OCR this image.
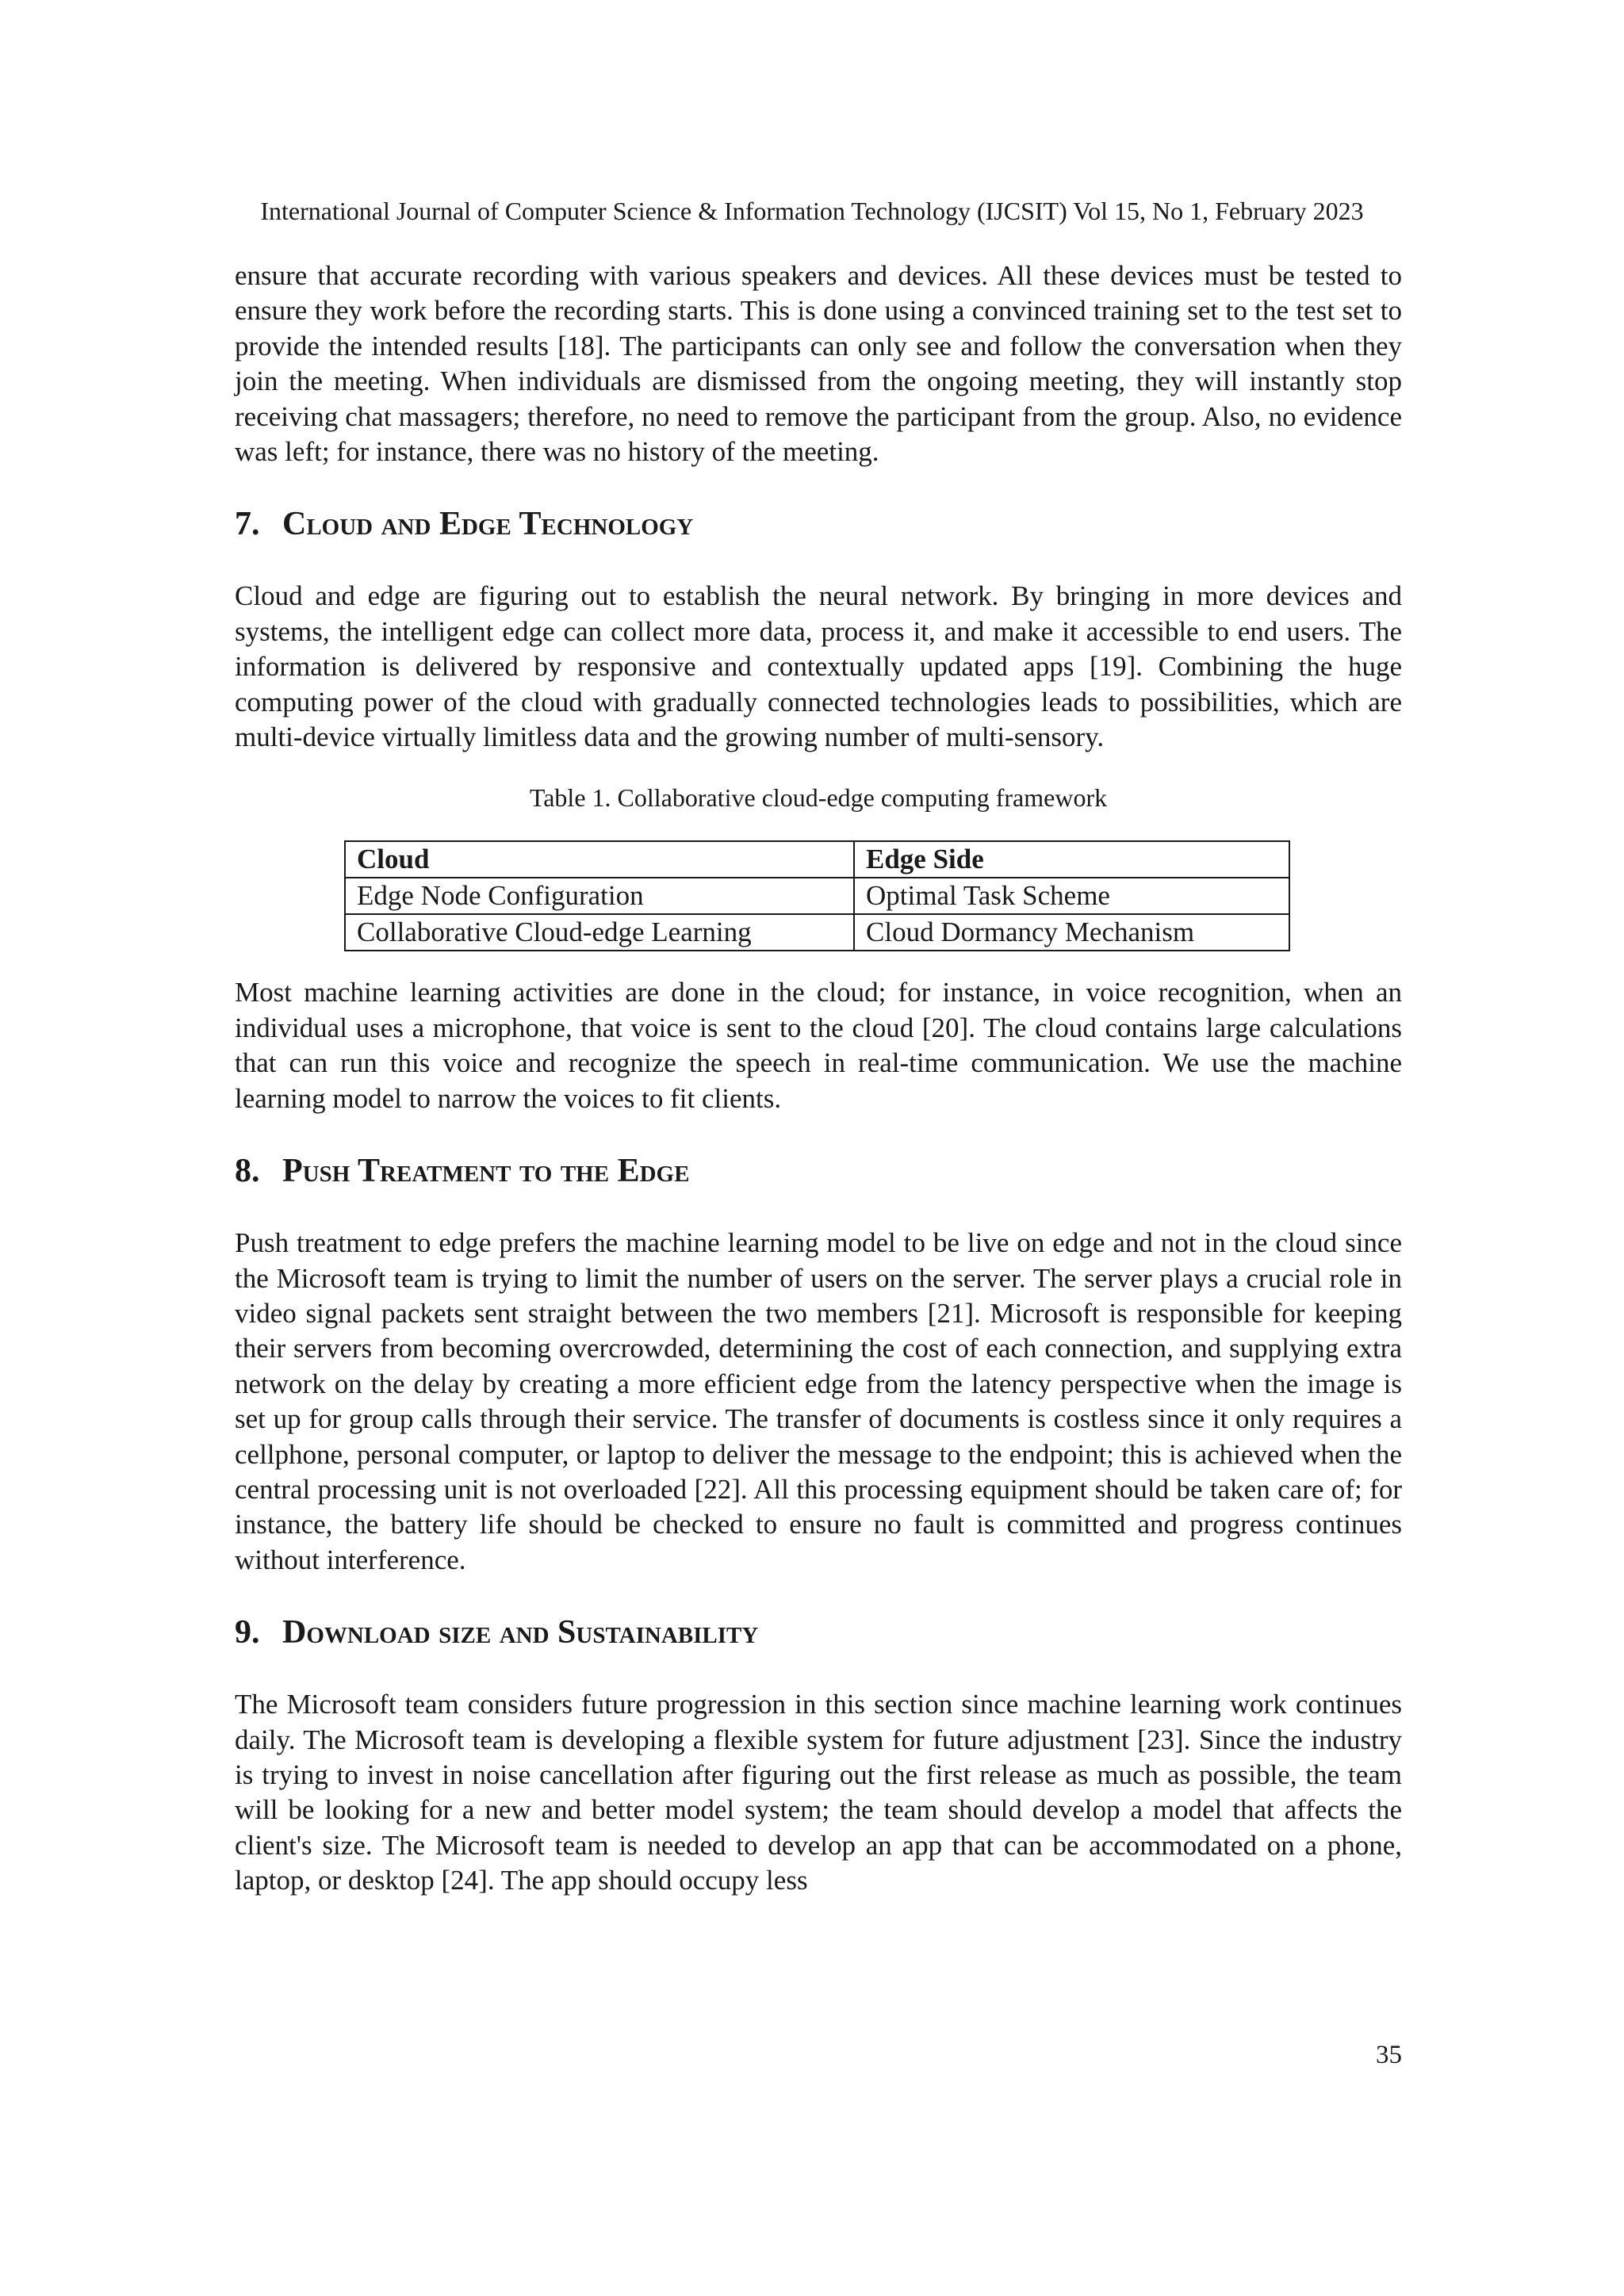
International Journal of Computer Science & Information Technology (IJCSIT) Vol 15, No 1, February 2023

ensure that accurate recording with various speakers and devices. All these devices must be tested to ensure they work before the recording starts. This is done using a convinced training set to the test set to provide the intended results [18]. The participants can only see and follow the conversation when they join the meeting. When individuals are dismissed from the ongoing meeting, they will instantly stop receiving chat massagers; therefore, no need to remove the participant from the group. Also, no evidence was left; for instance, there was no history of the meeting.

7. Cloud and Edge Technology

Cloud and edge are figuring out to establish the neural network. By bringing in more devices and systems, the intelligent edge can collect more data, process it, and make it accessible to end users. The information is delivered by responsive and contextually updated apps [19]. Combining the huge computing power of the cloud with gradually connected technologies leads to possibilities, which are multi-device virtually limitless data and the growing number of multi-sensory.

Table 1. Collaborative cloud-edge computing framework

Cloud	Edge Side
Edge Node Configuration	Optimal Task Scheme
Collaborative Cloud-edge Learning	Cloud Dormancy Mechanism

Most machine learning activities are done in the cloud; for instance, in voice recognition, when an individual uses a microphone, that voice is sent to the cloud [20]. The cloud contains large calculations that can run this voice and recognize the speech in real-time communication. We use the machine learning model to narrow the voices to fit clients.

8. Push Treatment to the Edge

Push treatment to edge prefers the machine learning model to be live on edge and not in the cloud since the Microsoft team is trying to limit the number of users on the server. The server plays a crucial role in video signal packets sent straight between the two members [21]. Microsoft is responsible for keeping their servers from becoming overcrowded, determining the cost of each connection, and supplying extra network on the delay by creating a more efficient edge from the latency perspective when the image is set up for group calls through their service. The transfer of documents is costless since it only requires a cellphone, personal computer, or laptop to deliver the message to the endpoint; this is achieved when the central processing unit is not overloaded [22]. All this processing equipment should be taken care of; for instance, the battery life should be checked to ensure no fault is committed and progress continues without interference.

9. Download size and Sustainability

The Microsoft team considers future progression in this section since machine learning work continues daily. The Microsoft team is developing a flexible system for future adjustment [23]. Since the industry is trying to invest in noise cancellation after figuring out the first release as much as possible, the team will be looking for a new and better model system; the team should develop a model that affects the client's size. The Microsoft team is needed to develop an app that can be accommodated on a phone, laptop, or desktop [24]. The app should occupy less

35
